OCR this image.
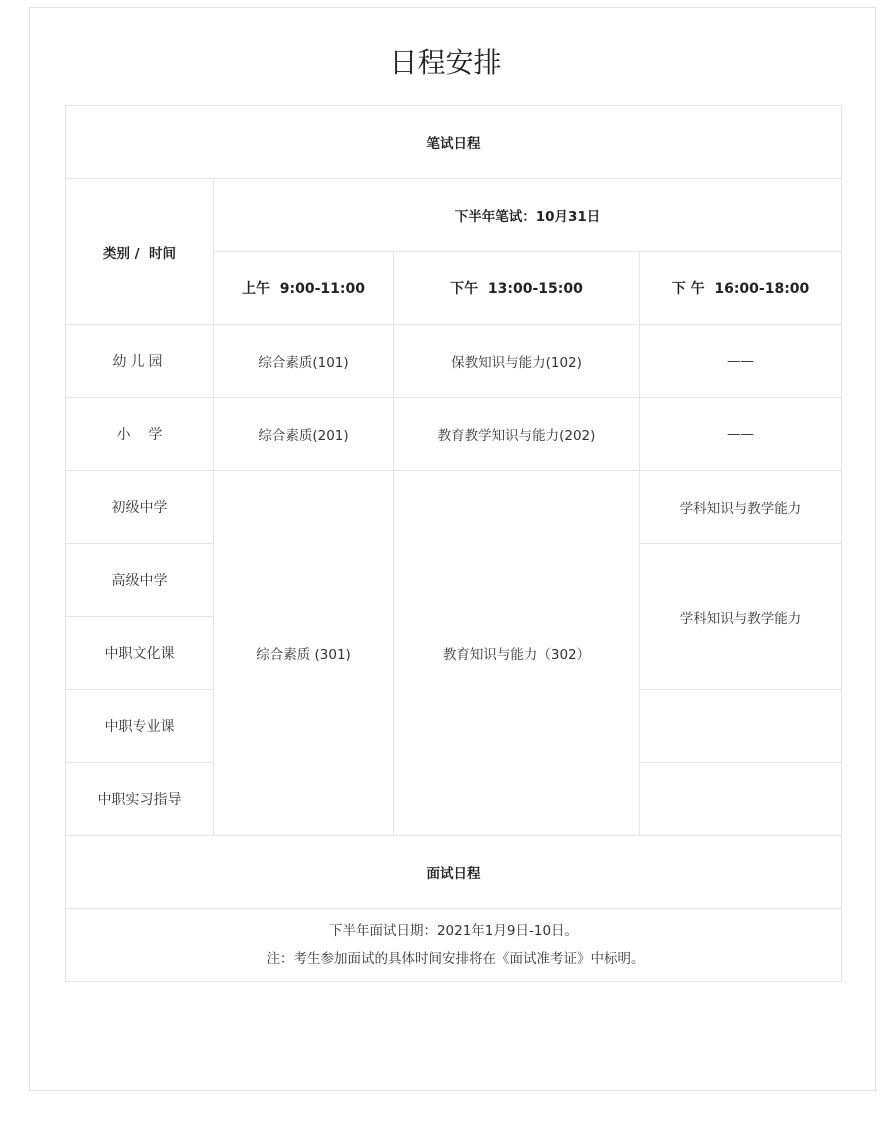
日程安排
笔试日程			
类别 /  时间	下半年笔试：10月31日		
	上午  9:00-11:00	下午  13:00-15:00	下 午  16:00-18:00
幼儿园	综合素质(101)	保教知识与能力(102)	——
小    学	综合素质(201)	教育教学知识与能力(202)	——
初级中学	综合素质 (301)	教育知识与能力（302）	学科知识与教学能力
高级中学			学科知识与教学能力
中职文化课			
中职专业课			
中职实习指导			
面试日程			

下半年面试日期：2021年1月9日-10日。
注：考生参加面试的具体时间安排将在《面试准考证》中标明。			
